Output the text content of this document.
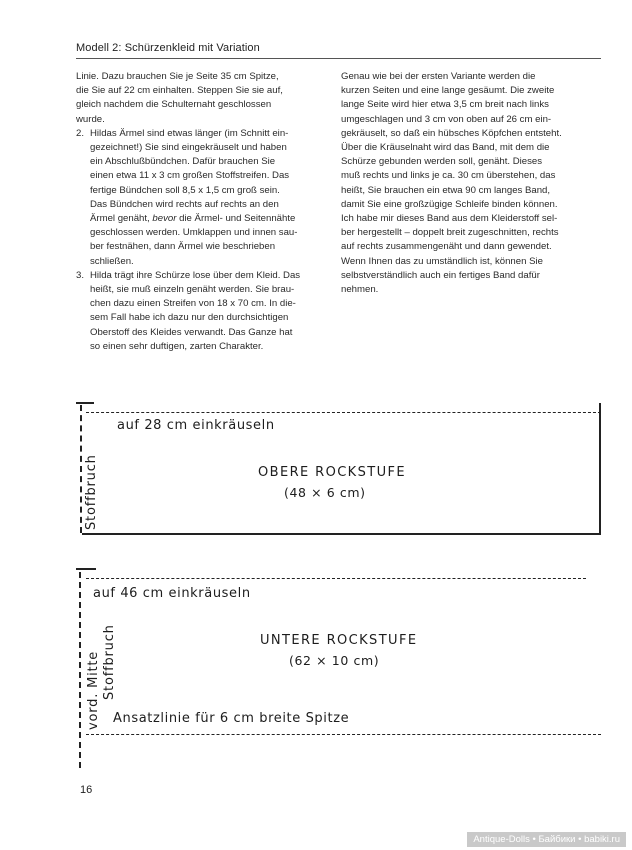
Modell 2: Schürzenkleid mit Variation

Linie. Dazu brauchen Sie je Seite 35 cm Spitze,
die Sie auf 22 cm einhalten. Steppen Sie sie auf,
gleich nachdem die Schulternaht geschlossen
wurde.

2. Hildas Ärmel sind etwas länger (im Schnitt ein-
gezeichnet!) Sie sind eingekräuselt und haben
ein Abschlußbündchen. Dafür brauchen Sie
einen etwa 11 x 3 cm großen Stoffstreifen. Das
fertige Bündchen soll 8,5 x 1,5 cm groß sein.
Das Bündchen wird rechts auf rechts an den
Ärmel genäht, bevor die Ärmel- und Seitennähte
geschlossen werden. Umklappen und innen sau-
ber festnähen, dann Ärmel wie beschrieben
schließen.
3. Hilda trägt ihre Schürze lose über dem Kleid. Das
heißt, sie muß einzeln genäht werden. Sie brau-
chen dazu einen Streifen von 18 x 70 cm. In die-
sem Fall habe ich dazu nur den durchsichtigen
Oberstoff des Kleides verwandt. Das Ganze hat
so einen sehr duftigen, zarten Charakter.
Genau wie bei der ersten Variante werden die
kurzen Seiten und eine lange gesäumt. Die zweite
lange Seite wird hier etwa 3,5 cm breit nach links
umgeschlagen und 3 cm von oben auf 26 cm ein-
gekräuselt, so daß ein hübsches Köpfchen entsteht.
Über die Kräuselnaht wird das Band, mit dem die
Schürze gebunden werden soll, genäht. Dieses
muß rechts und links je ca. 30 cm überstehen, das
heißt, Sie brauchen ein etwa 90 cm langes Band,
damit Sie eine großzügige Schleife binden können.
Ich habe mir dieses Band aus dem Kleiderstoff sel-
ber hergestellt – doppelt breit zugeschnitten, rechts
auf rechts zusammengenäht und dann gewendet.
Wenn Ihnen das zu umständlich ist, können Sie
selbstverständlich auch ein fertiges Band dafür
nehmen.
auf 28 cm einkräuseln
Stoffbruch	OBERE ROCKSTUFE
(48 × 6 cm)
auf 46 cm einkräuseln
vord. Mitte Stoffbruch	UNTERE ROCKSTUFE
(62 × 10 cm)
Ansatzlinie für 6 cm breite Spitze
16
Antique-Dolls • Байбики • babiki.ru
